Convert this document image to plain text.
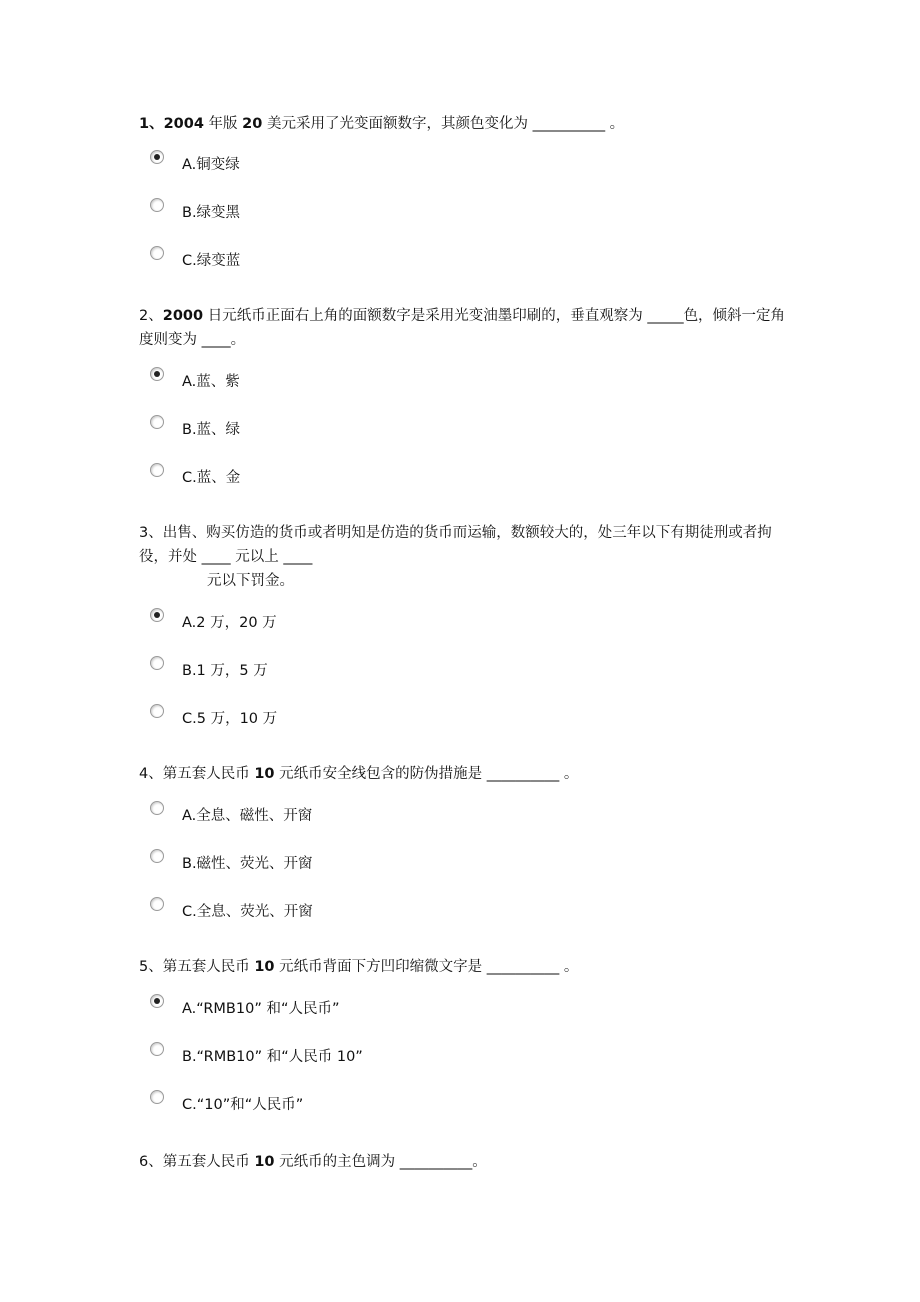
1、2004 年版 20 美元采用了光变面额数字，其颜色变化为 __________ 。

A.铜变绿
B.绿变黑
C.绿变蓝

2、2000 日元纸币正面右上角的面额数字是采用光变油墨印刷的，垂直观察为 _____色，倾斜一定角度则变为 ____。

A.蓝、紫
B.蓝、绿
C.蓝、金

3、出售、购买仿造的货币或者明知是仿造的货币而运输，数额较大的，处三年以下有期徒刑或者拘役，并处 ____ 元以上 ____
元以下罚金。

A.2 万，20 万
B.1 万，5 万
C.5 万，10 万

4、第五套人民币 10 元纸币安全线包含的防伪措施是 __________ 。

A.全息、磁性、开窗
B.磁性、荧光、开窗
C.全息、荧光、开窗

5、第五套人民币 10 元纸币背面下方凹印缩微文字是 __________ 。

A.“RMB10” 和“人民币”
B.“RMB10” 和“人民币 10”
C.“10”和“人民币”

6、第五套人民币 10 元纸币的主色调为 __________。
